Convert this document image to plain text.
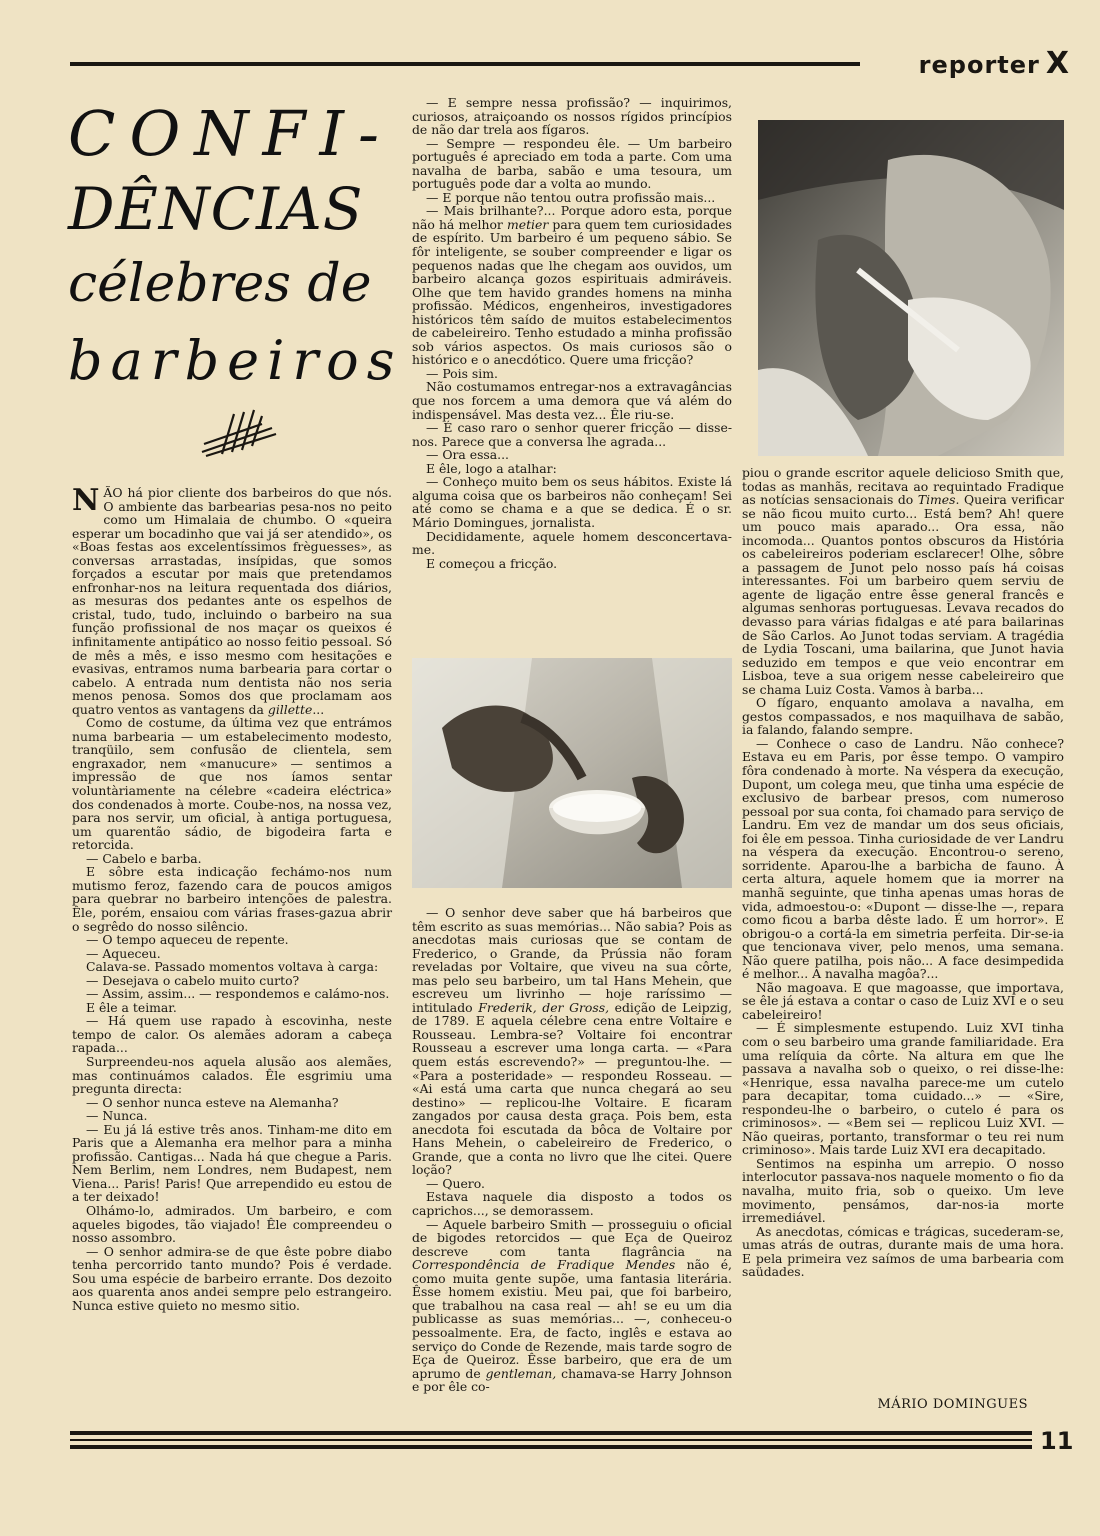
reporter X
CONFI-
DÊNCIAS
célebres de
barbeiros

NÃO há pior cliente dos barbeiros do que nós. O ambiente das barbearias pesa-nos no peito como um Himalaia de chumbo. O «queira esperar um bocadinho que vai já ser atendido», os «Boas festas aos excelentíssimos frèguesses», as conversas arrastadas, insípidas, que somos forçados a escutar por mais que pretendamos enfronhar-nos na leitura requentada dos diários, as mesuras dos pedantes ante os espelhos de cristal, tudo, tudo, incluindo o barbeiro na sua função profissional de nos maçar os queixos é infinitamente antipático ao nosso feitio pessoal. Só de mês a mês, e isso mesmo com hesitações e evasivas, entramos numa barbearia para cortar o cabelo. A entrada num dentista não nos seria menos penosa. Somos dos que proclamam aos quatro ventos as vantagens da gillette...

Como de costume, da última vez que entrámos numa barbearia — um estabelecimento modesto, tranqüilo, sem confusão de clientela, sem engraxador, nem «manucure» — sentimos a impressão de que nos íamos sentar voluntàriamente na célebre «cadeira eléctrica» dos condenados à morte. Coube-nos, na nossa vez, para nos servir, um oficial, à antiga portuguesa, um quarentão sádio, de bigodeira farta e retorcida.

— Cabelo e barba.

E sôbre esta indicação fechámo-nos num mutismo feroz, fazendo cara de poucos amigos para quebrar no barbeiro intenções de palestra. Êle, porém, ensaiou com várias frases-gazua abrir o segrêdo do nosso silêncio.

— O tempo aqueceu de repente.

— Aqueceu.

Calava-se. Passado momentos voltava à carga:

— Desejava o cabelo muito curto?

— Assim, assim... — respondemos e calámo-nos.

E êle a teimar.

— Há quem use rapado à escovinha, neste tempo de calor. Os alemães adoram a cabeça rapada...

Surpreendeu-nos aquela alusão aos alemães, mas continuámos calados. Êle esgrimiu uma pregunta directa:

— O senhor nunca esteve na Alemanha?

— Nunca.

— Eu já lá estive três anos. Tinham-me dito em Paris que a Alemanha era melhor para a minha profissão. Cantigas... Nada há que chegue a Paris. Nem Berlim, nem Londres, nem Budapest, nem Viena... Paris! Paris! Que arrependido eu estou de a ter deixado!

Olhámo-lo, admirados. Um barbeiro, e com aqueles bigodes, tão viajado! Êle compreendeu o nosso assombro.

— O senhor admira-se de que êste pobre diabo tenha percorrido tanto mundo? Pois é verdade. Sou uma espécie de barbeiro errante. Dos dezoito aos quarenta anos andei sempre pelo estrangeiro. Nunca estive quieto no mesmo sitio.

— E sempre nessa profissão? — inquirimos, curiosos, atraiçoando os nossos rígidos princípios de não dar trela aos fígaros.

— Sempre — respondeu êle. — Um barbeiro português é apreciado em toda a parte. Com uma navalha de barba, sabão e uma tesoura, um português pode dar a volta ao mundo.

— E porque não tentou outra profissão mais...

— Mais brilhante?... Porque adoro esta, porque não há melhor metier para quem tem curiosidades de espírito. Um barbeiro é um pequeno sábio. Se fôr inteligente, se souber compreender e ligar os pequenos nadas que lhe chegam aos ouvidos, um barbeiro alcança gozos espirituais admiráveis. Olhe que tem havido grandes homens na minha profissão. Médicos, engenheiros, investigadores históricos têm saído de muitos estabelecimentos de cabeleireiro. Tenho estudado a minha profissão sob vários aspectos. Os mais curiosos são o histórico e o anecdótico. Quere uma fricção?

— Pois sim.

Não costumamos entregar-nos a extravagâncias que nos forcem a uma demora que vá além do indispensável. Mas desta vez... Êle riu-se.

— É caso raro o senhor querer fricção — disse-nos. Parece que a conversa lhe agrada...

— Ora essa...

E êle, logo a atalhar:

— Conheço muito bem os seus hábitos. Existe lá alguma coisa que os barbeiros não conheçam! Sei até como se chama e a que se dedica. É o sr. Mário Domingues, jornalista.

Decididamente, aquele homem desconcertava-me.

E começou a fricção.

— O senhor deve saber que há barbeiros que têm escrito as suas memórias... Não sabia? Pois as anecdotas mais curiosas que se contam de Frederico, o Grande, da Prússia não foram reveladas por Voltaire, que viveu na sua côrte, mas pelo seu barbeiro, um tal Hans Mehein, que escreveu um livrinho — hoje raríssimo — intitulado Frederik, der Gross, edição de Leipzig, de 1789. E aquela célebre cena entre Voltaire e Rousseau. Lembra-se? Voltaire foi encontrar Rousseau a escrever uma longa carta. — «Para quem estás escrevendo?» — preguntou-lhe. — «Para a posteridade» — respondeu Rosseau. — «Ai está uma carta que nunca chegará ao seu destino» — replicou-lhe Voltaire. E ficaram zangados por causa desta graça. Pois bem, esta anecdota foi escutada da bôca de Voltaire por Hans Mehein, o cabeleireiro de Frederico, o Grande, que a conta no livro que lhe citei. Quere loção?

— Quero.

Estava naquele dia disposto a todos os caprichos..., se demorassem.

— Aquele barbeiro Smith — prosseguiu o oficial de bigodes retorcidos — que Eça de Queiroz descreve com tanta flagrância na Correspondência de Fradique Mendes não é, como muita gente supõe, uma fantasia literária. Êsse homem existiu. Meu pai, que foi barbeiro, que trabalhou na casa real — ah! se eu um dia publicasse as suas memórias... —, conheceu-o pessoalmente. Era, de facto, inglês e estava ao serviço do Conde de Rezende, mais tarde sogro de Eça de Queiroz. Êsse barbeiro, que era de um aprumo de gentleman, chamava-se Harry Johnson e por êle co-

piou o grande escritor aquele delicioso Smith que, todas as manhãs, recitava ao requintado Fradique as notícias sensacionais do Times. Queira verificar se não ficou muito curto... Está bem? Ah! quere um pouco mais aparado... Ora essa, não incomoda... Quantos pontos obscuros da História os cabeleireiros poderiam esclarecer! Olhe, sôbre a passagem de Junot pelo nosso país há coisas interessantes. Foi um barbeiro quem serviu de agente de ligação entre êsse general francês e algumas senhoras portuguesas. Levava recados do devasso para várias fidalgas e até para bailarinas de São Carlos. Ao Junot todas serviam. A tragédia de Lydia Toscani, uma bailarina, que Junot havia seduzido em tempos e que veio encontrar em Lisboa, teve a sua origem nesse cabeleireiro que se chama Luiz Costa. Vamos à barba...

O fígaro, enquanto amolava a navalha, em gestos compassados, e nos maquilhava de sabão, ia falando, falando sempre.

— Conhece o caso de Landru. Não conhece? Estava eu em Paris, por êsse tempo. O vampiro fôra condenado à morte. Na véspera da execução, Dupont, um colega meu, que tinha uma espécie de exclusivo de barbear presos, com numeroso pessoal por sua conta, foi chamado para serviço de Landru. Em vez de mandar um dos seus oficiais, foi êle em pessoa. Tinha curiosidade de ver Landru na véspera da execução. Encontrou-o sereno, sorridente. Aparou-lhe a barbicha de fauno. À certa altura, aquele homem que ia morrer na manhã seguinte, que tinha apenas umas horas de vida, admoestou-o: «Dupont — disse-lhe —, repara como ficou a barba dêste lado. É um horror». E obrigou-o a cortá-la em simetria perfeita. Dir-se-ia que tencionava viver, pelo menos, uma semana. Não quere patilha, pois não... A face desimpedida é melhor... A navalha magôa?...

Não magoava. E que magoasse, que importava, se êle já estava a contar o caso de Luiz XVI e o seu cabeleireiro!

— É simplesmente estupendo. Luiz XVI tinha com o seu barbeiro uma grande familiaridade. Era uma relíquia da côrte. Na altura em que lhe passava a navalha sob o queixo, o rei disse-lhe: «Henrique, essa navalha parece-me um cutelo para decapitar, toma cuidado...» — «Sire, respondeu-lhe o barbeiro, o cutelo é para os criminosos». — «Bem sei — replicou Luiz XVI. — Não queiras, portanto, transformar o teu rei num criminoso». Mais tarde Luiz XVI era decapitado.

Sentimos na espinha um arrepio. O nosso interlocutor passava-nos naquele momento o fio da navalha, muito fria, sob o queixo. Um leve movimento, pensámos, dar-nos-ia morte irremediável.

As anecdotas, cómicas e trágicas, sucederam-se, umas atrás de outras, durante mais de uma hora. E pela primeira vez saímos de uma barbearia com saüdades.

MÁRIO DOMINGUES
11
